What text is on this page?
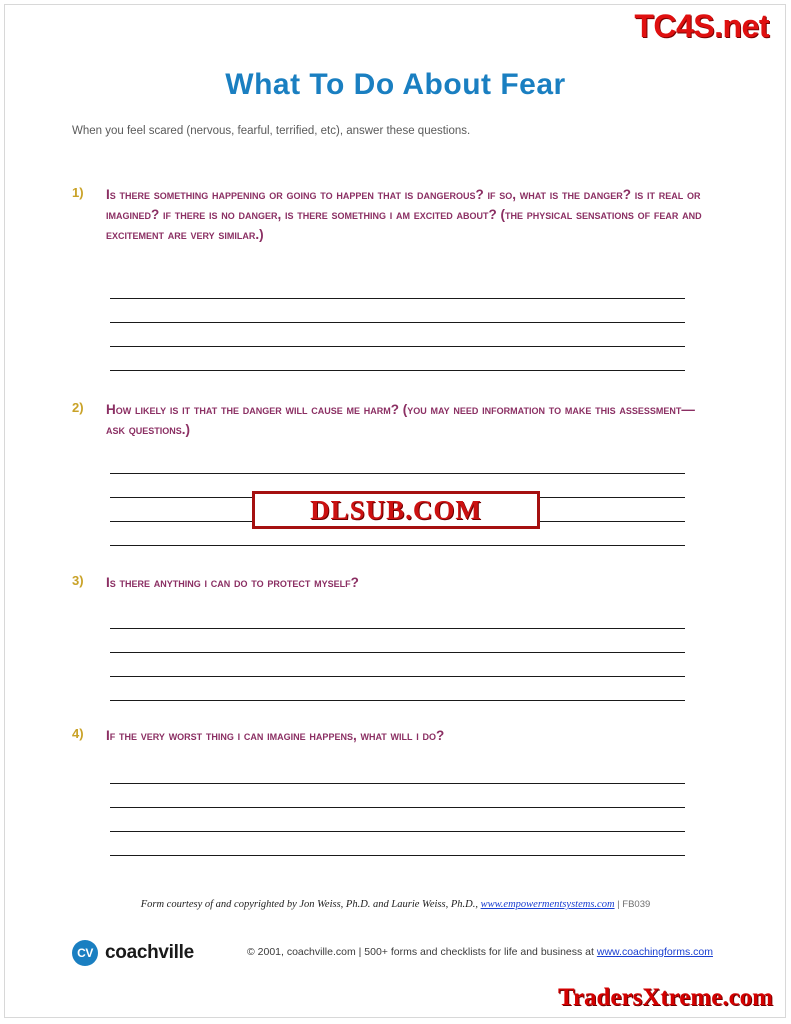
TC4S.net
What To Do About Fear
When you feel scared (nervous, fearful, terrified, etc), answer these questions.
1)	is there something happening or going to happen that is dangerous? if so, what is the danger? is it real or imagined? if there is no danger, is there something i am excited about? (the physical sensations of fear and excitement are very similar.)
2)	how likely is it that the danger will cause me harm? (you may need information to make this assessment—ask questions.)
DLSUB.COM
3)	is there anything i can do to protect myself?
4)	if the very worst thing i can imagine happens, what will i do?
Form courtesy of and copyrighted by Jon Weiss, Ph.D. and Laurie Weiss, Ph.D., www.empowermentsystems.com | FB039
CV coachville	© 2001, coachville.com | 500+ forms and checklists for life and business at www.coachingforms.com
TradersXtreme.com
